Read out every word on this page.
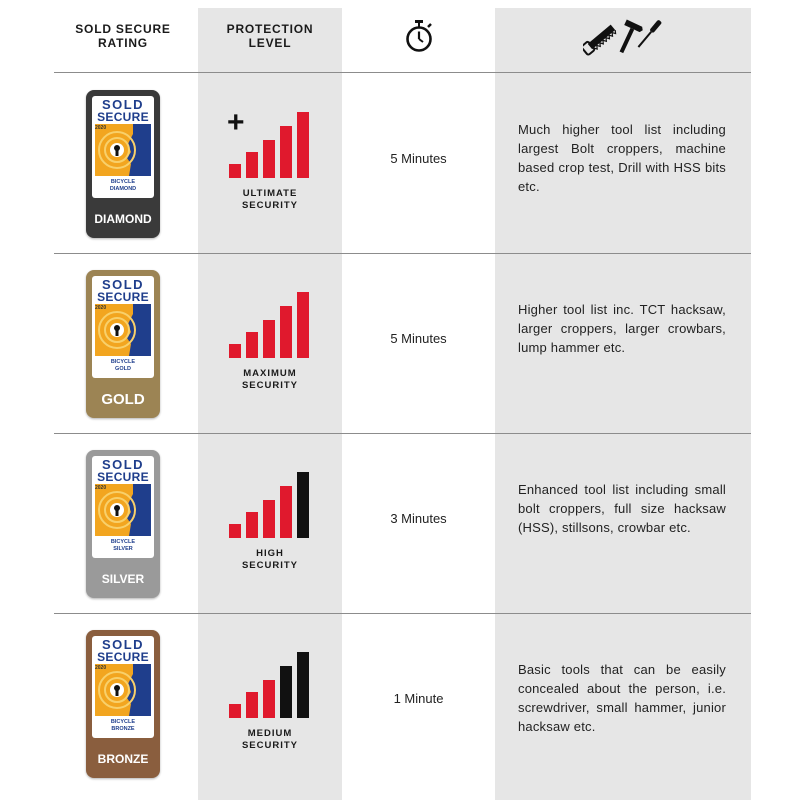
SOLD SECURE
RATING
PROTECTION
LEVEL
SOLD
SECURE
2020
BICYCLE
DIAMOND
DIAMOND
+
ULTIMATE
SECURITY
5 Minutes
Much higher tool list including largest Bolt croppers, machine based crop test, Drill with HSS bits etc.
SOLD
SECURE
2020
BICYCLE
GOLD
GOLD
MAXIMUM
SECURITY
5 Minutes
Higher tool list inc. TCT hacksaw, larger croppers, larger crowbars, lump hammer etc.
SOLD
SECURE
2020
BICYCLE
SILVER
SILVER
HIGH
SECURITY
3 Minutes
Enhanced tool list including small bolt croppers, full size hacksaw (HSS), stillsons, crowbar etc.
SOLD
SECURE
2020
BICYCLE
BRONZE
BRONZE
MEDIUM
SECURITY
1 Minute
Basic tools that can be easily concealed about the person, i.e. screwdriver, small hammer, junior hacksaw etc.
